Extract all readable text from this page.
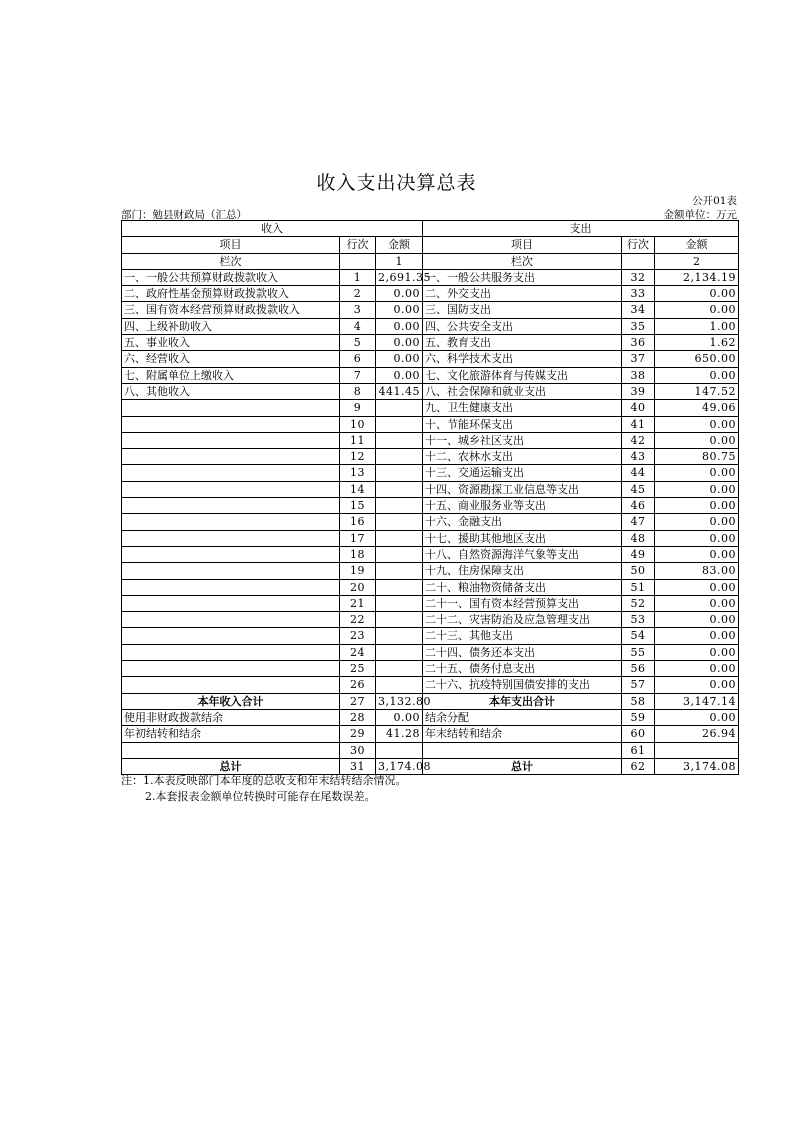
收入支出决算总表
公开01表
部门：勉县财政局（汇总）	金额单位：万元
收入			支出		
项目	行次	金额	项目	行次	金额
栏次		1	栏次		2
一、一般公共预算财政拨款收入	1	2,691.35	一、一般公共服务支出	32	2,134.19
二、政府性基金预算财政拨款收入	2	0.00	二、外交支出	33	0.00
三、国有资本经营预算财政拨款收入	3	0.00	三、国防支出	34	0.00
四、上级补助收入	4	0.00	四、公共安全支出	35	1.00
五、事业收入	5	0.00	五、教育支出	36	1.62
六、经营收入	6	0.00	六、科学技术支出	37	650.00
七、附属单位上缴收入	7	0.00	七、文化旅游体育与传媒支出	38	0.00
八、其他收入	8	441.45	八、社会保障和就业支出	39	147.52
	9		九、卫生健康支出	40	49.06
	10		十、节能环保支出	41	0.00
	11		十一、城乡社区支出	42	0.00
	12		十二、农林水支出	43	80.75
	13		十三、交通运输支出	44	0.00
	14		十四、资源勘探工业信息等支出	45	0.00
	15		十五、商业服务业等支出	46	0.00
	16		十六、金融支出	47	0.00
	17		十七、援助其他地区支出	48	0.00
	18		十八、自然资源海洋气象等支出	49	0.00
	19		十九、住房保障支出	50	83.00
	20		二十、粮油物资储备支出	51	0.00
	21		二十一、国有资本经营预算支出	52	0.00
	22		二十二、灾害防治及应急管理支出	53	0.00
	23		二十三、其他支出	54	0.00
	24		二十四、债务还本支出	55	0.00
	25		二十五、债务付息支出	56	0.00
	26		二十六、抗疫特别国债安排的支出	57	0.00
本年收入合计	27	3,132.80	本年支出合计	58	3,147.14
使用非财政拨款结余	28	0.00	结余分配	59	0.00
年初结转和结余	29	41.28	年末结转和结余	60	26.94
	30			61	
总计	31	3,174.08	总计	62	3,174.08
注：1.本表反映部门本年度的总收支和年末结转结余情况。
2.本套报表金额单位转换时可能存在尾数误差。
